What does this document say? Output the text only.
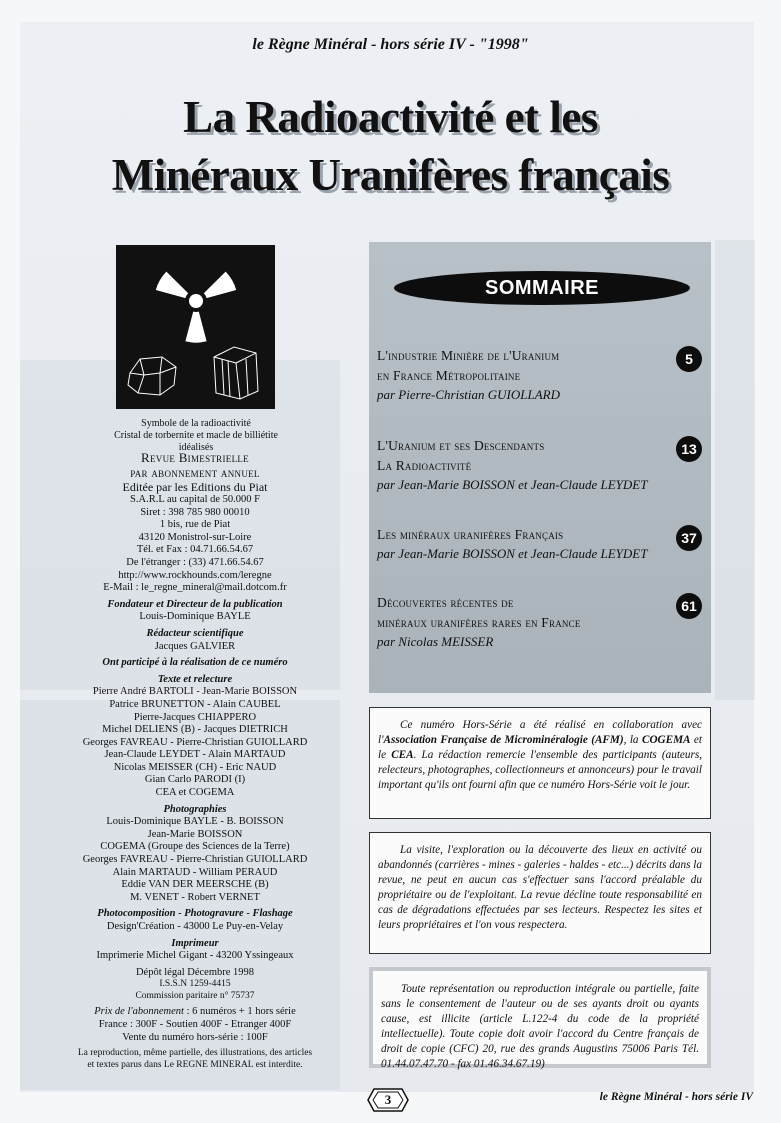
le Règne Minéral - hors série IV - "1998"
La Radioactivité et les
Minéraux Uranifères français
Symbole de la radioactivité
Cristal de torbernite et macle de billiétite idéalisés
Revue Bimestrielle
par abonnement annuel
Editée par les Editions du Piat
S.A.R.L au capital de 50.000 F
Siret : 398 785 980 00010
1 bis, rue de Piat
43120 Monistrol-sur-Loire
Tél. et Fax : 04.71.66.54.67
De l'étranger : (33) 471.66.54.67
http://www.rockhounds.com/leregne
E-Mail : le_regne_mineral@mail.dotcom.fr
Fondateur et Directeur de la publication
Louis-Dominique BAYLE
Rédacteur scientifique
Jacques GALVIER
Ont participé à la réalisation de ce numéro
Texte et relecture
Pierre André BARTOLI - Jean-Marie BOISSON
Patrice BRUNETTON - Alain CAUBEL
Pierre-Jacques CHIAPPERO
Michel DELIENS (B) - Jacques DIETRICH
Georges FAVREAU - Pierre-Christian GUIOLLARD
Jean-Claude LEYDET - Alain MARTAUD
Nicolas MEISSER (CH) - Eric NAUD
Gian Carlo PARODI (I)
CEA et COGEMA
Photographies
Louis-Dominique BAYLE - B. BOISSON
Jean-Marie BOISSON
COGEMA (Groupe des Sciences de la Terre)
Georges FAVREAU - Pierre-Christian GUIOLLARD
Alain MARTAUD - William PERAUD
Eddie VAN DER MEERSCHE (B)
M. VENET - Robert VERNET
Photocomposition - Photogravure - Flashage
Design'Création - 43000 Le Puy-en-Velay
Imprimeur
Imprimerie Michel Gigant - 43200 Yssingeaux
Dépôt légal Décembre 1998
I.S.S.N 1259-4415
Commission paritaire n° 75737
Prix de l'abonnement : 6 numéros + 1 hors série
France : 300F - Soutien 400F - Etranger 400F
Vente du numéro hors-série : 100F
La reproduction, même partielle, des illustrations, des articles
et textes parus dans Le REGNE MINERAL est interdite.
SOMMAIRE
5
L'industrie Minière de l'Uranium
en France Métropolitaine
par Pierre-Christian GUIOLLARD
13
L'Uranium et ses Descendants
La Radioactivité
par Jean-Marie BOISSON et Jean-Claude LEYDET
37
Les minéraux uranifères Français
par Jean-Marie BOISSON et Jean-Claude LEYDET
61
Découvertes récentes de
minéraux uranifères rares en France
par Nicolas MEISSER
Ce numéro Hors-Série a été réalisé en collaboration avec l'Association Française de Microminéralogie (AFM), la COGEMA et le CEA. La rédaction remercie l'ensemble des participants (auteurs, relecteurs, photographes, collectionneurs et annonceurs) pour le travail important qu'ils ont fourni afin que ce numéro Hors-Série voit le jour.
La visite, l'exploration ou la découverte des lieux en activité ou abandonnés (carrières - mines - galeries - haldes - etc...) décrits dans la revue, ne peut en aucun cas s'effectuer sans l'accord préalable du propriétaire ou de l'exploitant. La revue décline toute responsabilité en cas de dégradations effectuées par ses lecteurs. Respectez les sites et leurs propriétaires et l'on vous respectera.
Toute représentation ou reproduction intégrale ou partielle, faite sans le consentement de l'auteur ou de ses ayants droit ou ayants cause, est illicite (article L.122-4 du code de la propriété intellectuelle). Toute copie doit avoir l'accord du Centre français de droit de copie (CFC) 20, rue des grands Augustins 75006 Paris Tél. 01.44.07.47.70 - fax 01.46.34.67.19)
3	le Règne Minéral - hors série IV
